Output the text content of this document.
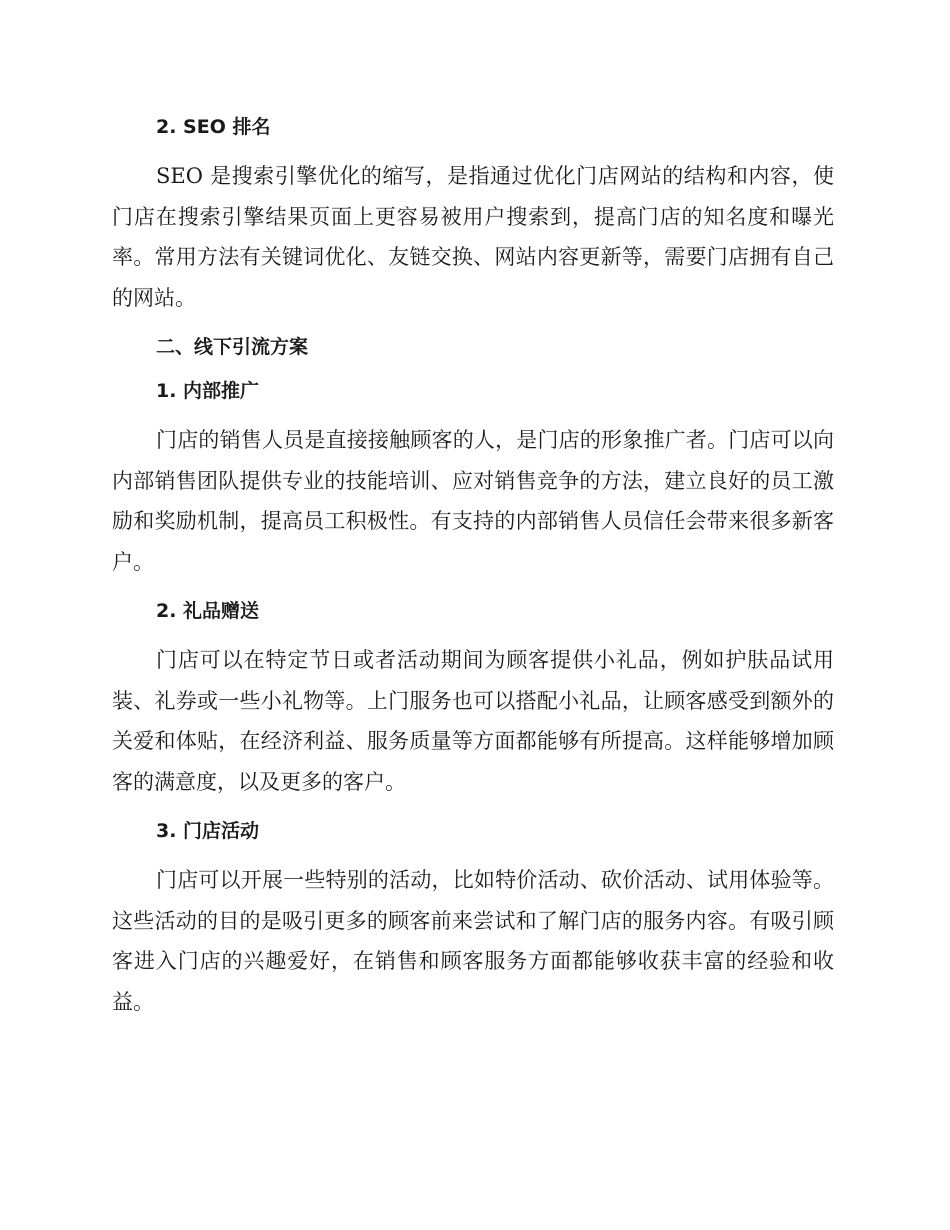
2. SEO 排名

SEO 是搜索引擎优化的缩写，是指通过优化门店网站的结构和内容，使门店在搜索引擎结果页面上更容易被用户搜索到，提高门店的知名度和曝光率。常用方法有关键词优化、友链交换、网站内容更新等，需要门店拥有自己的网站。

二、线下引流方案
1. 内部推广

门店的销售人员是直接接触顾客的人，是门店的形象推广者。门店可以向内部销售团队提供专业的技能培训、应对销售竞争的方法，建立良好的员工激励和奖励机制，提高员工积极性。有支持的内部销售人员信任会带来很多新客户。

2. 礼品赠送

门店可以在特定节日或者活动期间为顾客提供小礼品，例如护肤品试用装、礼券或一些小礼物等。上门服务也可以搭配小礼品，让顾客感受到额外的关爱和体贴，在经济利益、服务质量等方面都能够有所提高。这样能够增加顾客的满意度，以及更多的客户。

3. 门店活动

门店可以开展一些特别的活动，比如特价活动、砍价活动、试用体验等。这些活动的目的是吸引更多的顾客前来尝试和了解门店的服务内容。有吸引顾客进入门店的兴趣爱好，在销售和顾客服务方面都能够收获丰富的经验和收益。
